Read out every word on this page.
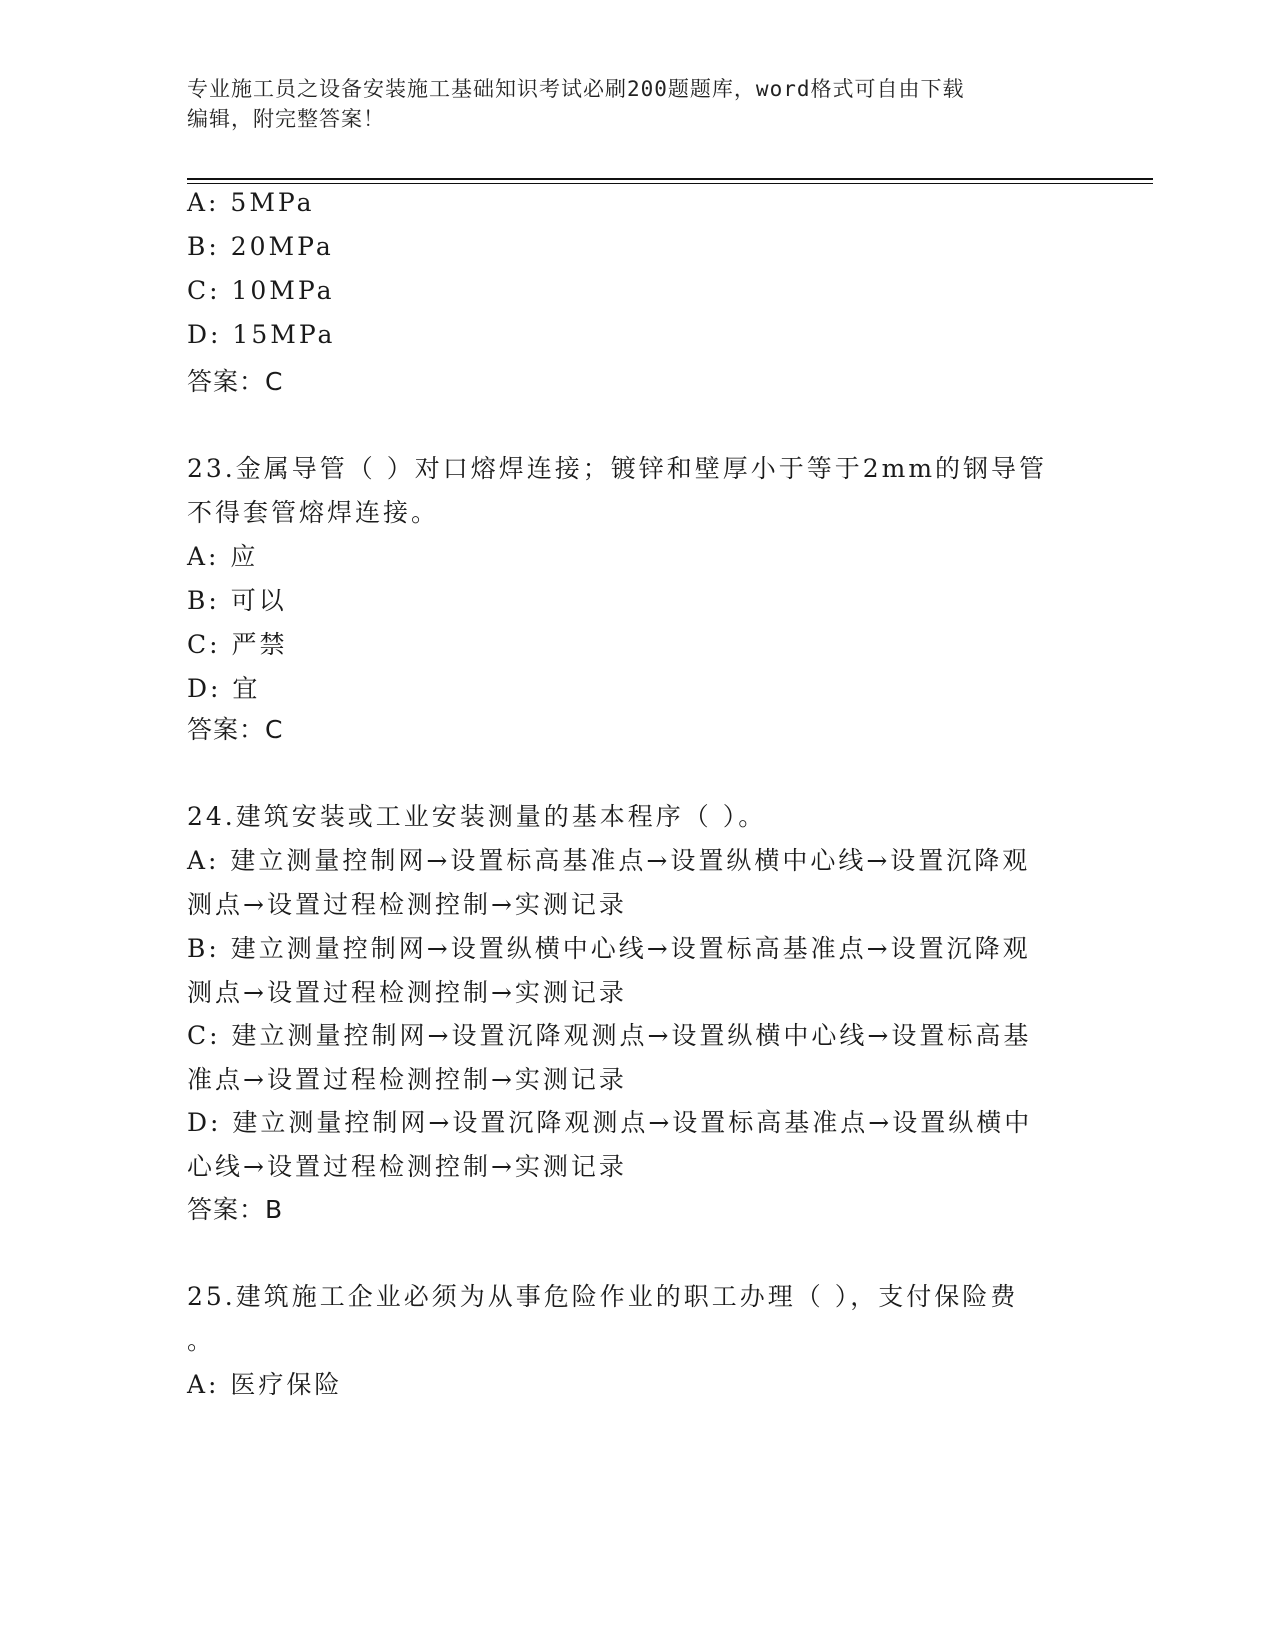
专业施工员之设备安装施工基础知识考试必刷200题题库，word格式可自由下载
编辑，附完整答案！
A: 5MPa
B: 20MPa
C: 10MPa
D: 15MPa
答案：C
23.金属导管（ ）对口熔焊连接；镀锌和壁厚小于等于2mm的钢导管
不得套管熔焊连接。
A: 应
B: 可以
C: 严禁
D: 宜
答案：C
24.建筑安装或工业安装测量的基本程序（ ）。
A: 建立测量控制网→设置标高基准点→设置纵横中心线→设置沉降观
测点→设置过程检测控制→实测记录
B: 建立测量控制网→设置纵横中心线→设置标高基准点→设置沉降观
测点→设置过程检测控制→实测记录
C: 建立测量控制网→设置沉降观测点→设置纵横中心线→设置标高基
准点→设置过程检测控制→实测记录
D: 建立测量控制网→设置沉降观测点→设置标高基准点→设置纵横中
心线→设置过程检测控制→实测记录
答案：B
25.建筑施工企业必须为从事危险作业的职工办理（ ），支付保险费
。
A: 医疗保险
